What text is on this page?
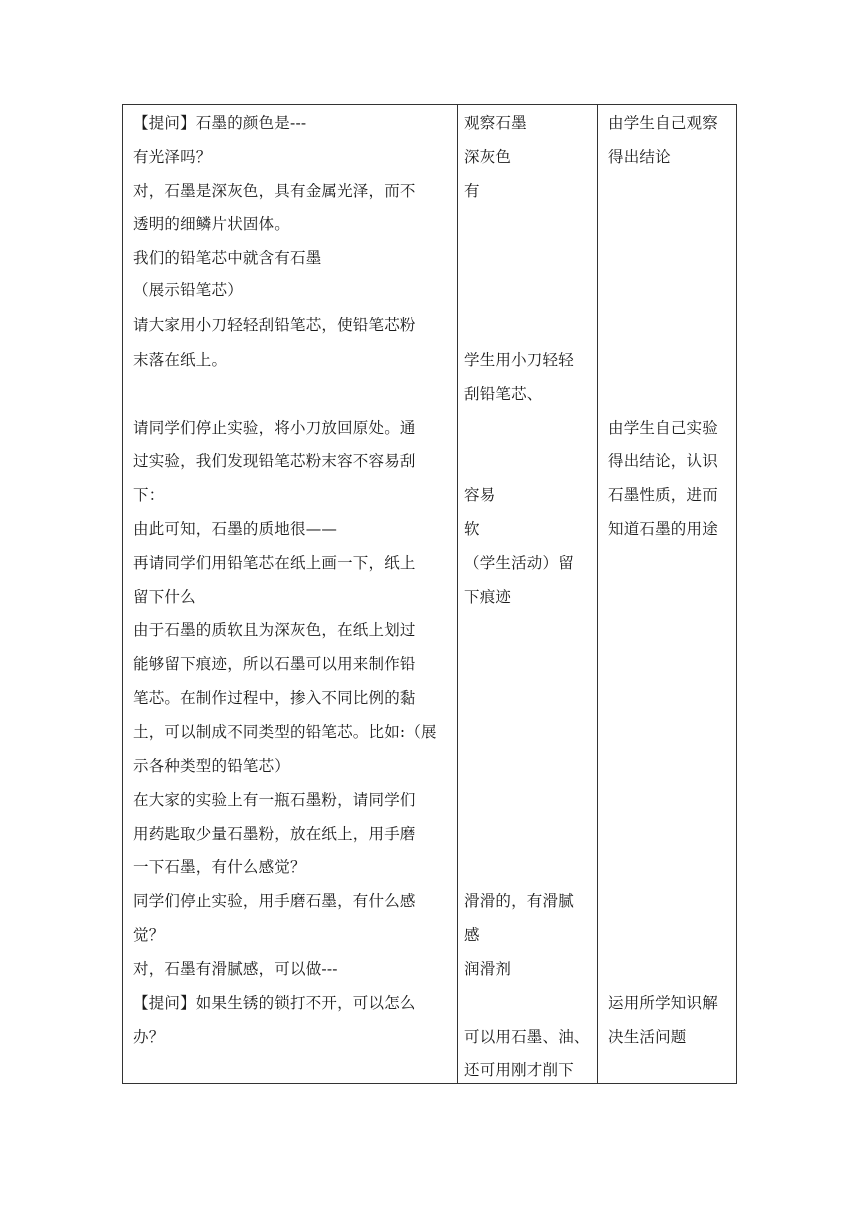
【提问】石墨的颜色是---
有光泽吗？
对，石墨是深灰色，具有金属光泽，而不
透明的细鳞片状固体。
我们的铅笔芯中就含有石墨
（展示铅笔芯）
请大家用小刀轻轻刮铅笔芯，使铅笔芯粉
末落在纸上。
请同学们停止实验，将小刀放回原处。通
过实验，我们发现铅笔芯粉末容不容易刮
下：
由此可知，石墨的质地很——
再请同学们用铅笔芯在纸上画一下，纸上
留下什么
由于石墨的质软且为深灰色，在纸上划过
能够留下痕迹，所以石墨可以用来制作铅
笔芯。在制作过程中，掺入不同比例的黏
土，可以制成不同类型的铅笔芯。比如:（展
示各种类型的铅笔芯）
在大家的实验上有一瓶石墨粉，请同学们
用药匙取少量石墨粉，放在纸上，用手磨
一下石墨，有什么感觉？
同学们停止实验，用手磨石墨，有什么感
觉？
对，石墨有滑腻感，可以做---
【提问】如果生锈的锁打不开，可以怎么
办？
观察石墨
深灰色
有
学生用小刀轻轻
刮铅笔芯、
容易
软
（学生活动）留
下痕迹
滑滑的，有滑腻
感
润滑剂
可以用石墨、油、
还可用刚才削下
由学生自己观察
得出结论
由学生自己实验
得出结论，认识
石墨性质，进而
知道石墨的用途
运用所学知识解
决生活问题
